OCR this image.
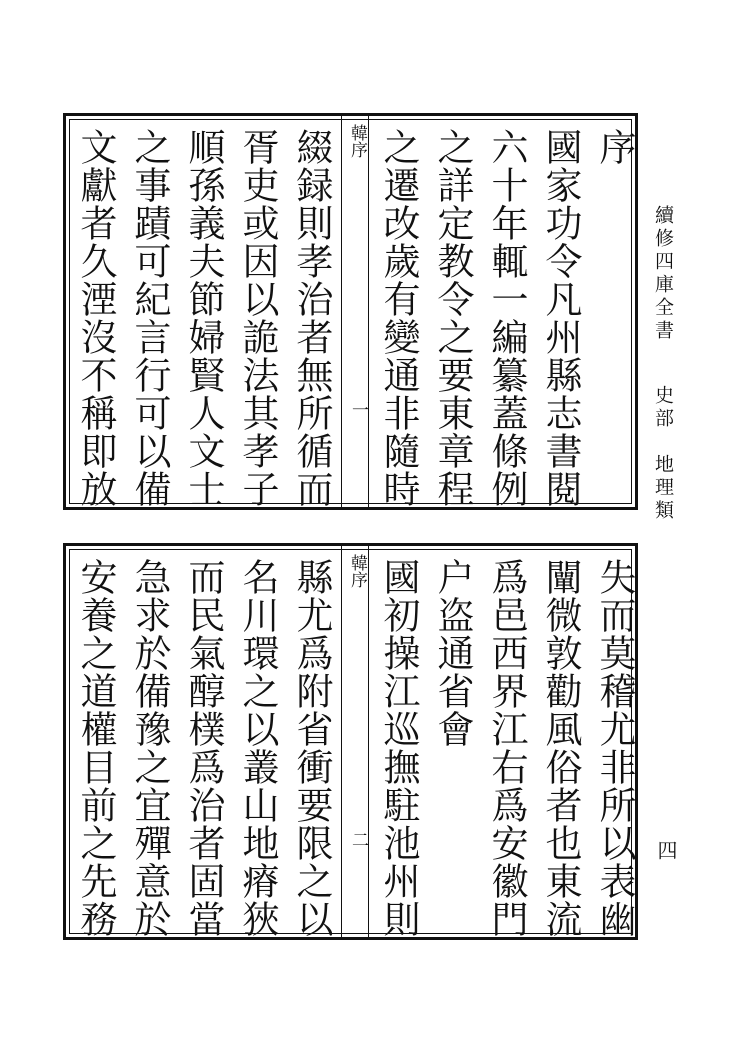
續修四庫全書
史部　地理類
四
序
國家功令凡州縣志書閱
六十年輒一編纂蓋條例
之詳定教令之要東章程
之遷改歲有變通非隨時
韓序
一
綴録則孝治者無所循而
胥吏或因以詭法其孝子
順孫義夫節婦賢人文士
之事蹟可紀言行可以備
文獻者久湮沒不稱即放
失而莫稽尤非所以表幽
闡微敦勸風俗者也東流
爲邑西界江右爲安徽門
户盗通省會
國初操江巡撫駐池州則
韓序
二
縣尤爲附省衝要限之以
名川環之以叢山地瘠狹
而民氣醇樸爲治者固當
急求於備豫之宜殫意於
安養之道權目前之先務
